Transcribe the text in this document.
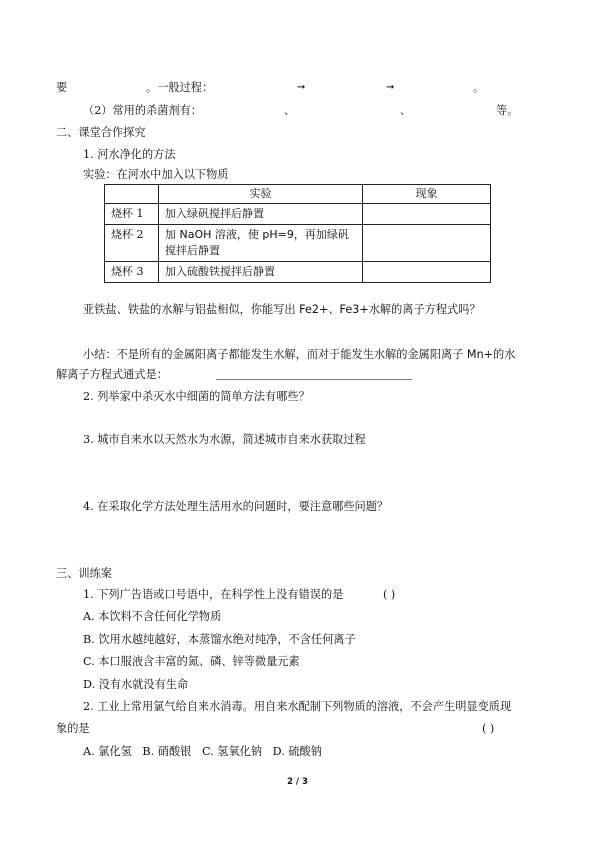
要	。一般过程：	➞	➞	。
（2）常用的杀菌剂有：	、	、	等。
二、课堂合作探究
1. 河水净化的方法
实验：在河水中加入以下物质
	实验	现象
烧杯 1	加入绿矾搅拌后静置	
烧杯 2	加 NaOH 溶液，使 pH=9，再加绿矾搅拌后静置	
烧杯 3	加入硫酸铁搅拌后静置	
亚铁盐、铁盐的水解与铝盐相似，你能写出 Fe2+、Fe3+水解的离子方程式吗？
小结：不是所有的金属阳离子都能发生水解，而对于能发生水解的金属阳离子 Mn+的水
解离子方程式通式是：
2. 列举家中杀灭水中细菌的简单方法有哪些？
3. 城市自来水以天然水为水源，简述城市自来水获取过程
4. 在采取化学方法处理生活用水的问题时，要注意哪些问题？
三、训练案
1. 下列广告语或口号语中，在科学性上没有错误的是	( )
A. 本饮料不含任何化学物质
B. 饮用水越纯越好，本蒸馏水绝对纯净，不含任何离子
C. 本口服液含丰富的氮、磷、锌等微量元素
D. 没有水就没有生命
2. 工业上常用氯气给自来水消毒。用自来水配制下列物质的溶液，不会产生明显变质现
象的是	( )
A. 氯化氢   B. 硝酸银   C. 氢氧化钠   D. 硫酸钠
2 / 3
